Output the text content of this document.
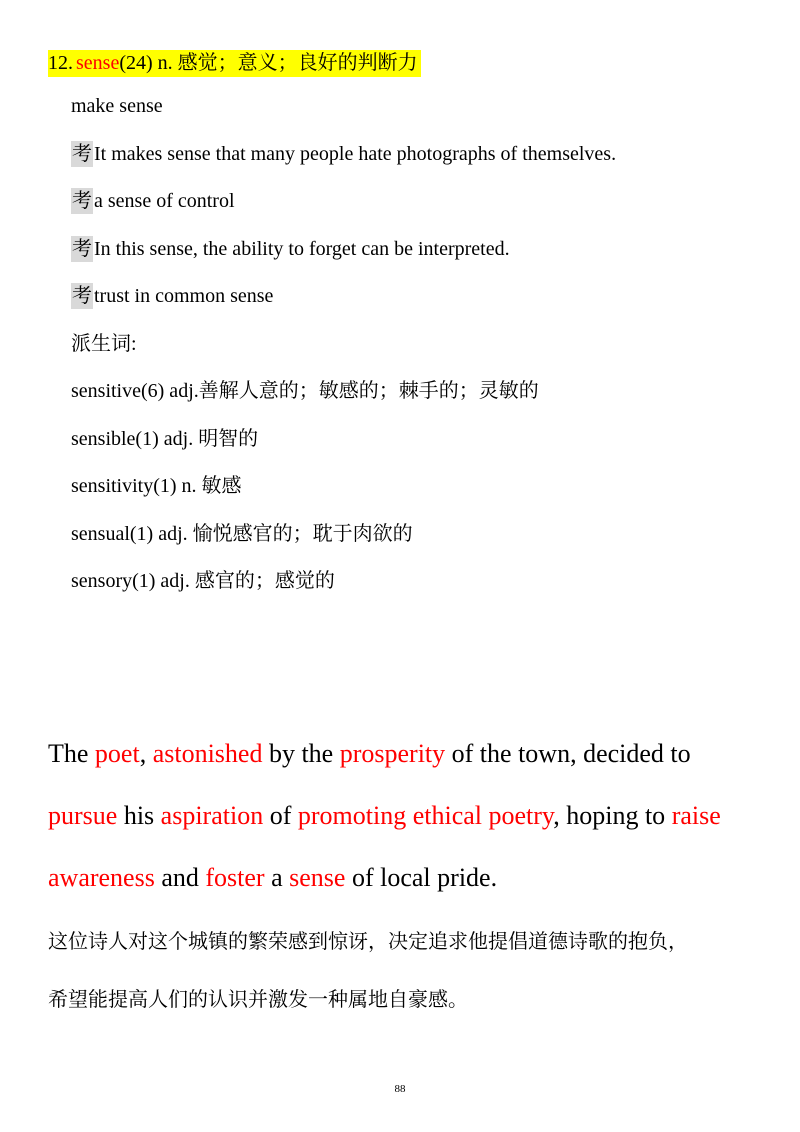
12. sense(24) n. 感觉；意义；良好的判断力
make sense
考 It makes sense that many people hate photographs of themselves.
考 a sense of control
考 In this sense, the ability to forget can be interpreted.
考 trust in common sense
派生词:
sensitive(6) adj.善解人意的；敏感的；棘手的；灵敏的
sensible(1) adj. 明智的
sensitivity(1) n. 敏感
sensual(1) adj. 愉悦感官的；耽于肉欲的
sensory(1) adj. 感官的；感觉的
The poet, astonished by the prosperity of the town, decided to
pursue his aspiration of promoting ethical poetry, hoping to raise
awareness and foster a sense of local pride.
这位诗人对这个城镇的繁荣感到惊讶，决定追求他提倡道德诗歌的抱负，
希望能提高人们的认识并激发一种属地自豪感。
88
